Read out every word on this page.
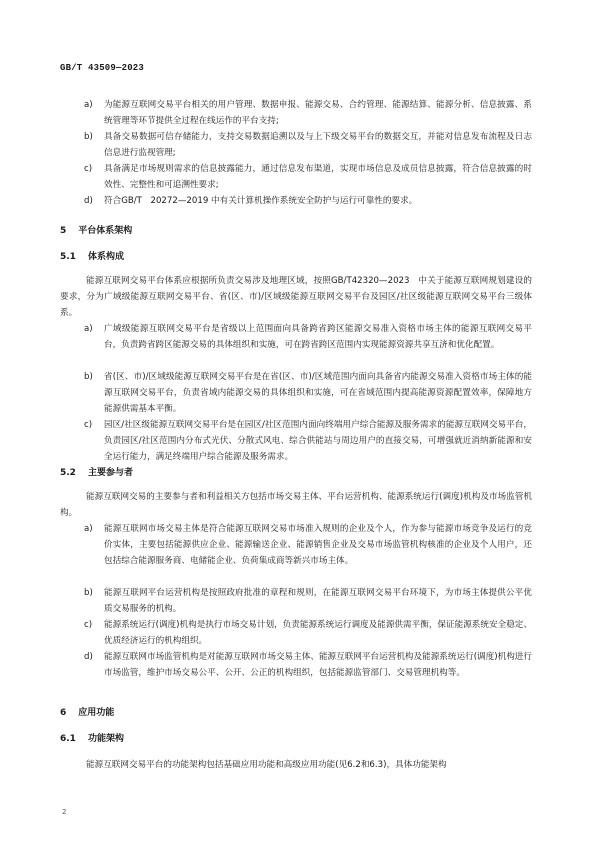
GB/T 43509—2023
a)	为能源互联网交易平台相关的用户管理、数据申报、能源交易、合约管理、能源结算、能源分析、信息披露、系统管理等环节提供全过程在线运作的平台支持;
b)	具备交易数据可信存储能力，支持交易数据追溯以及与上下级交易平台的数据交互，并能对信息发布流程及日志信息进行监视管理;
c)	具备满足市场规则需求的信息披露能力，通过信息发布渠道，实现市场信息及成员信息披露，符合信息披露的时效性、完整性和可追溯性要求;
d)	符合GB/T　20272—2019 中有关计算机操作系统安全防护与运行可靠性的要求。
5 平台体系架构
5.1 体系构成
能源互联网交易平台体系应根据所负责交易涉及地理区域，按照GB/T42320—2023　中关于能源互联网规划建设的要求，分为广域级能源互联网交易平台、省(区、市)/区域级能源互联网交易平台及园区/社区级能源互联网交易平台三级体系。
a)	广域级能源互联网交易平台是省级以上范围面向具备跨省跨区能源交易准入资格市场主体的能源互联网交易平台，负责跨省跨区能源交易的具体组织和实施，可在跨省跨区范围内实现能源资源共享互济和优化配置。
b)	省(区、市)/区域级能源互联网交易平台是在省(区、市)/区域范围内面向具备省内能源交易准入资格市场主体的能源互联网交易平台，负责省域内能源交易的具体组织和实施，可在省域范围内提高能源资源配置效率，保障地方能源供需基本平衡。
c)	园区/社区级能源互联网交易平台是在园区/社区范围内面向终端用户综合能源及服务需求的能源互联网交易平台，负责园区/社区范围内分布式光伏、分散式风电、综合供能站与周边用户的直接交易，可增强就近消纳新能源和安全运行能力，满足终端用户综合能源及服务需求。
5.2 主要参与者
能源互联网交易的主要参与者和利益相关方包括市场交易主体、平台运营机构、能源系统运行(调度)机构及市场监管机构。
a)	能源互联网市场交易主体是符合能源互联网交易市场准入规则的企业及个人，作为参与能源市场竞争及运行的竞价实体，主要包括能源供应企业、能源输送企业、能源销售企业及交易市场监管机构核准的企业及个人用户，还包括综合能源服务商、电储能企业、负荷集成商等新兴市场主体。
b)	能源互联网平台运营机构是按照政府批准的章程和规则，在能源互联网交易平台环境下，为市场主体提供公平优质交易服务的机构。
c)	能源系统运行(调度)机构是执行市场交易计划，负责能源系统运行调度及能源供需平衡，保证能源系统安全稳定、优质经济运行的机构组织。
d)	能源互联网市场监管机构是对能源互联网市场交易主体、能源互联网平台运营机构及能源系统运行(调度)机构进行市场监管，维护市场交易公平、公开、公正的机构组织，包括能源监管部门、交易管理机构等。
6 应用功能
6.1 功能架构
能源互联网交易平台的功能架构包括基础应用功能和高级应用功能(见6.2和6.3)，具体功能架构
2
